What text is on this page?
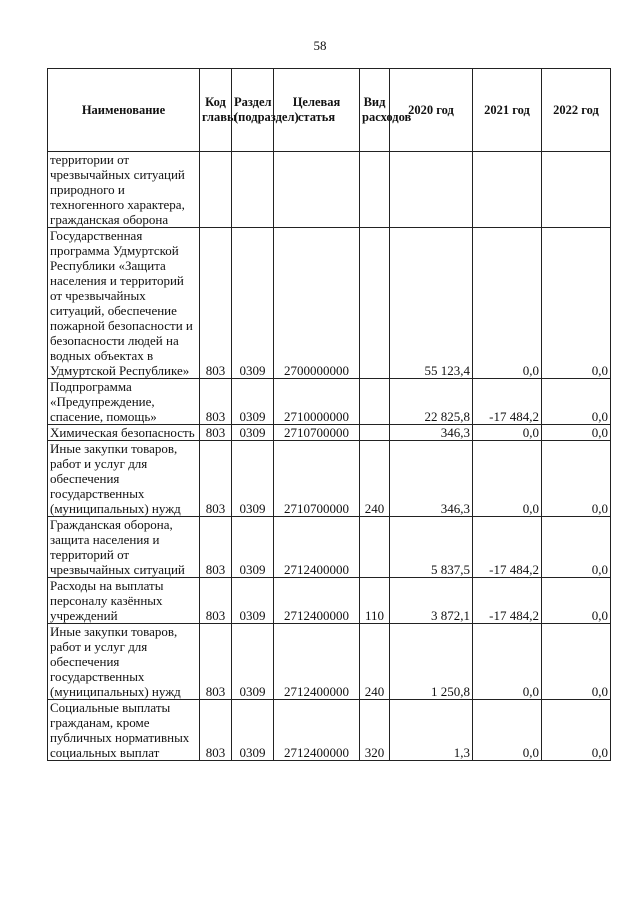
58
Наименование	Код главы	Раздел (подраздел)	Целевая статья	Вид расходов	2020 год	2021 год	2022 год
территории от чрезвычайных ситуаций природного и техногенного характера, гражданская оборона							
Государственная программа Удмуртской Республики «Защита населения и территорий от чрезвычайных ситуаций, обеспечение пожарной безопасности и безопасности людей на водных объектах в Удмуртской Республике»	803	0309	2700000000		55 123,4	0,0	0,0
Подпрограмма «Предупреждение, спасение, помощь»	803	0309	2710000000		22 825,8	-17 484,2	0,0
Химическая безопасность	803	0309	2710700000		346,3	0,0	0,0
Иные закупки товаров, работ и услуг для обеспечения государственных (муниципальных) нужд	803	0309	2710700000	240	346,3	0,0	0,0
Гражданская оборона, защита населения и территорий от чрезвычайных ситуаций	803	0309	2712400000		5 837,5	-17 484,2	0,0
Расходы на выплаты персоналу казённых учреждений	803	0309	2712400000	110	3 872,1	-17 484,2	0,0
Иные закупки товаров, работ и услуг для обеспечения государственных (муниципальных) нужд	803	0309	2712400000	240	1 250,8	0,0	0,0
Социальные выплаты гражданам, кроме публичных нормативных социальных выплат	803	0309	2712400000	320	1,3	0,0	0,0
